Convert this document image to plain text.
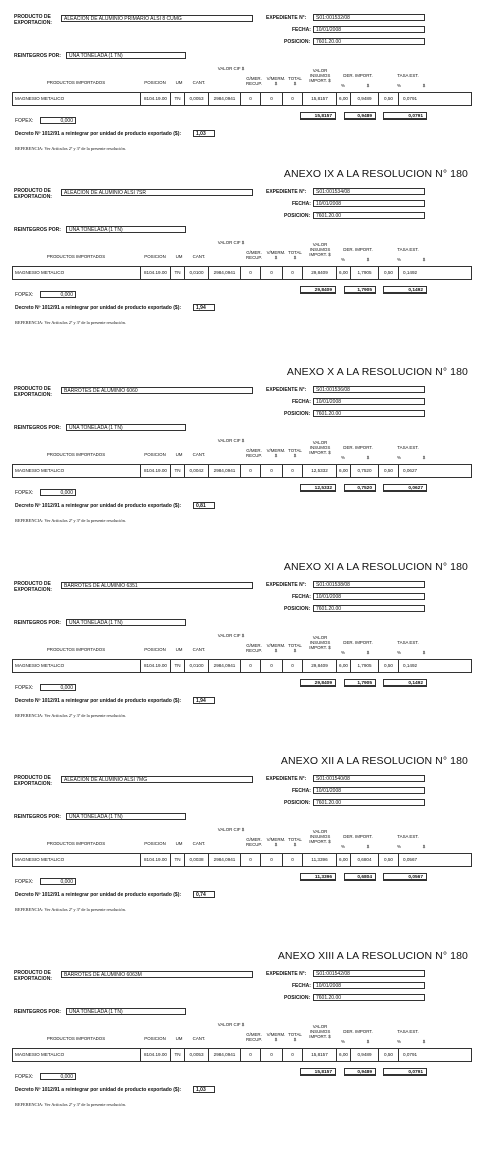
PRODUCTO DE EXPORTACION:
ALEACION DE ALUMINIO PRIMARIO ALSI 8 CUMG	EXPEDIENTE N°:	S01:001532/08
FECHA:	10/01/2008
POSICION:	7601.20.00
REINTEGROS POR:	UNA TONELADA (1 TN)
PRODUCTOS IMPORTADOS	POSICION	UM	CANT.
VALOR CIF $
G/MER. RECUP.
V/MERM. $
TOTAL $
VALOR INSUMOS IMPORT. $
DER. IMPORT.	TASA EST.
%	$	%	$
MAGNESIO METALICO	8104.19.00	TN	0,0053	2984,0941	0	0	0	15,8157	6,00	0,9489	0,50	0,0791
15,8157	0,9489	0,0791
FOPEX:	0,000
Decreto Nº 1012/91 a reintegrar por unidad de producto exportado ($):	1,03
REFERENCIA: Ver Artículos 2º y 3º de la presente resolución.
ANEXO IX A LA RESOLUCION N° 180
PRODUCTO DE EXPORTACION:
ALEACION DE ALUMINIO ALSI 7SR	EXPEDIENTE N°:	S01:001534/08
FECHA:	10/01/2008
POSICION:	7601.20.00
REINTEGROS POR:	UNA TONELADA (1 TN)
PRODUCTOS IMPORTADOS	POSICION	UM	CANT.
VALOR CIF $
G/MER. RECUP.
V/MERM. $
TOTAL $
VALOR INSUMOS IMPORT. $
DER. IMPORT.	TASA EST.
%	$	%	$
MAGNESIO METALICO	8104.19.00	TN	0,0100	2984,0941	0	0	0	29,8409	6,00	1,7905	0,50	0,1492
29,8409	1,7905	0,1492
FOPEX:	0,000
Decreto Nº 1012/91 a reintegrar por unidad de producto exportado ($):	1,94
REFERENCIA: Ver Artículos 2º y 3º de la presente resolución.
ANEXO X A LA RESOLUCION N° 180
PRODUCTO DE EXPORTACION:
BARROTES DE ALUMINIO 6060	EXPEDIENTE N°:	S01:001536/08
FECHA:	10/01/2008
POSICION:	7601.20.00
REINTEGROS POR:	UNA TONELADA (1 TN)
PRODUCTOS IMPORTADOS	POSICION	UM	CANT.
VALOR CIF $
G/MER. RECUP.
V/MERM. $
TOTAL $
VALOR INSUMOS IMPORT. $
DER. IMPORT.	TASA EST.
%	$	%	$
MAGNESIO METALICO	8104.19.00	TN	0,0042	2984,0941	0	0	0	12,5332	6,00	0,7520	0,50	0,0627
12,5332	0,7520	0,0627
FOPEX:	0,000
Decreto Nº 1012/91 a reintegrar por unidad de producto exportado ($):	0,81
REFERENCIA: Ver Artículos 2º y 3º de la presente resolución.
ANEXO XI A LA RESOLUCION N° 180
PRODUCTO DE EXPORTACION:
BARROTES DE ALUMINIO 6351	EXPEDIENTE N°:	S01:001538/08
FECHA:	10/01/2008
POSICION:	7601.20.00
REINTEGROS POR:	UNA TONELADA (1 TN)
PRODUCTOS IMPORTADOS	POSICION	UM	CANT.
VALOR CIF $
G/MER. RECUP.
V/MERM. $
TOTAL $
VALOR INSUMOS IMPORT. $
DER. IMPORT.	TASA EST.
%	$	%	$
MAGNESIO METALICO	8104.19.00	TN	0,0100	2984,0941	0	0	0	29,8409	6,00	1,7905	0,50	0,1492
29,8409	1,7905	0,1492
FOPEX:	0,000
Decreto Nº 1012/91 a reintegrar por unidad de producto exportado ($):	1,94
REFERENCIA: Ver Artículos 2º y 3º de la presente resolución.
ANEXO XII A LA RESOLUCION N° 180
PRODUCTO DE EXPORTACION:
ALEACION DE ALUMINIO ALSI 7MG	EXPEDIENTE N°:	S01:001540/08
FECHA:	10/01/2008
POSICION:	7601.20.00
REINTEGROS POR:	UNA TONELADA (1 TN)
PRODUCTOS IMPORTADOS	POSICION	UM	CANT.
VALOR CIF $
G/MER. RECUP.
V/MERM. $
TOTAL $
VALOR INSUMOS IMPORT. $
DER. IMPORT.	TASA EST.
%	$	%	$
MAGNESIO METALICO	8104.19.00	TN	0,0038	2984,0941	0	0	0	11,3396	6,00	0,6804	0,50	0,0567
11,3396	0,6804	0,0567
FOPEX:	0,000
Decreto Nº 1012/91 a reintegrar por unidad de producto exportado ($):	0,74
REFERENCIA: Ver Artículos 2º y 3º de la presente resolución.
ANEXO XIII A LA RESOLUCION N° 180
PRODUCTO DE EXPORTACION:
BARROTES DE ALUMINIO 6063M	EXPEDIENTE N°:	S01:001542/08
FECHA:	10/01/2008
POSICION:	7601.20.00
REINTEGROS POR:	UNA TONELADA (1 TN)
PRODUCTOS IMPORTADOS	POSICION	UM	CANT.
VALOR CIF $
G/MER. RECUP.
V/MERM. $
TOTAL $
VALOR INSUMOS IMPORT. $
DER. IMPORT.	TASA EST.
%	$	%	$
MAGNESIO METALICO	8104.19.00	TN	0,0053	2984,0941	0	0	0	15,8157	6,00	0,9489	0,50	0,0791
15,8157	0,9489	0,0791
FOPEX:	0,000
Decreto Nº 1012/91 a reintegrar por unidad de producto exportado ($):	1,03
REFERENCIA: Ver Artículos 2º y 3º de la presente resolución.
